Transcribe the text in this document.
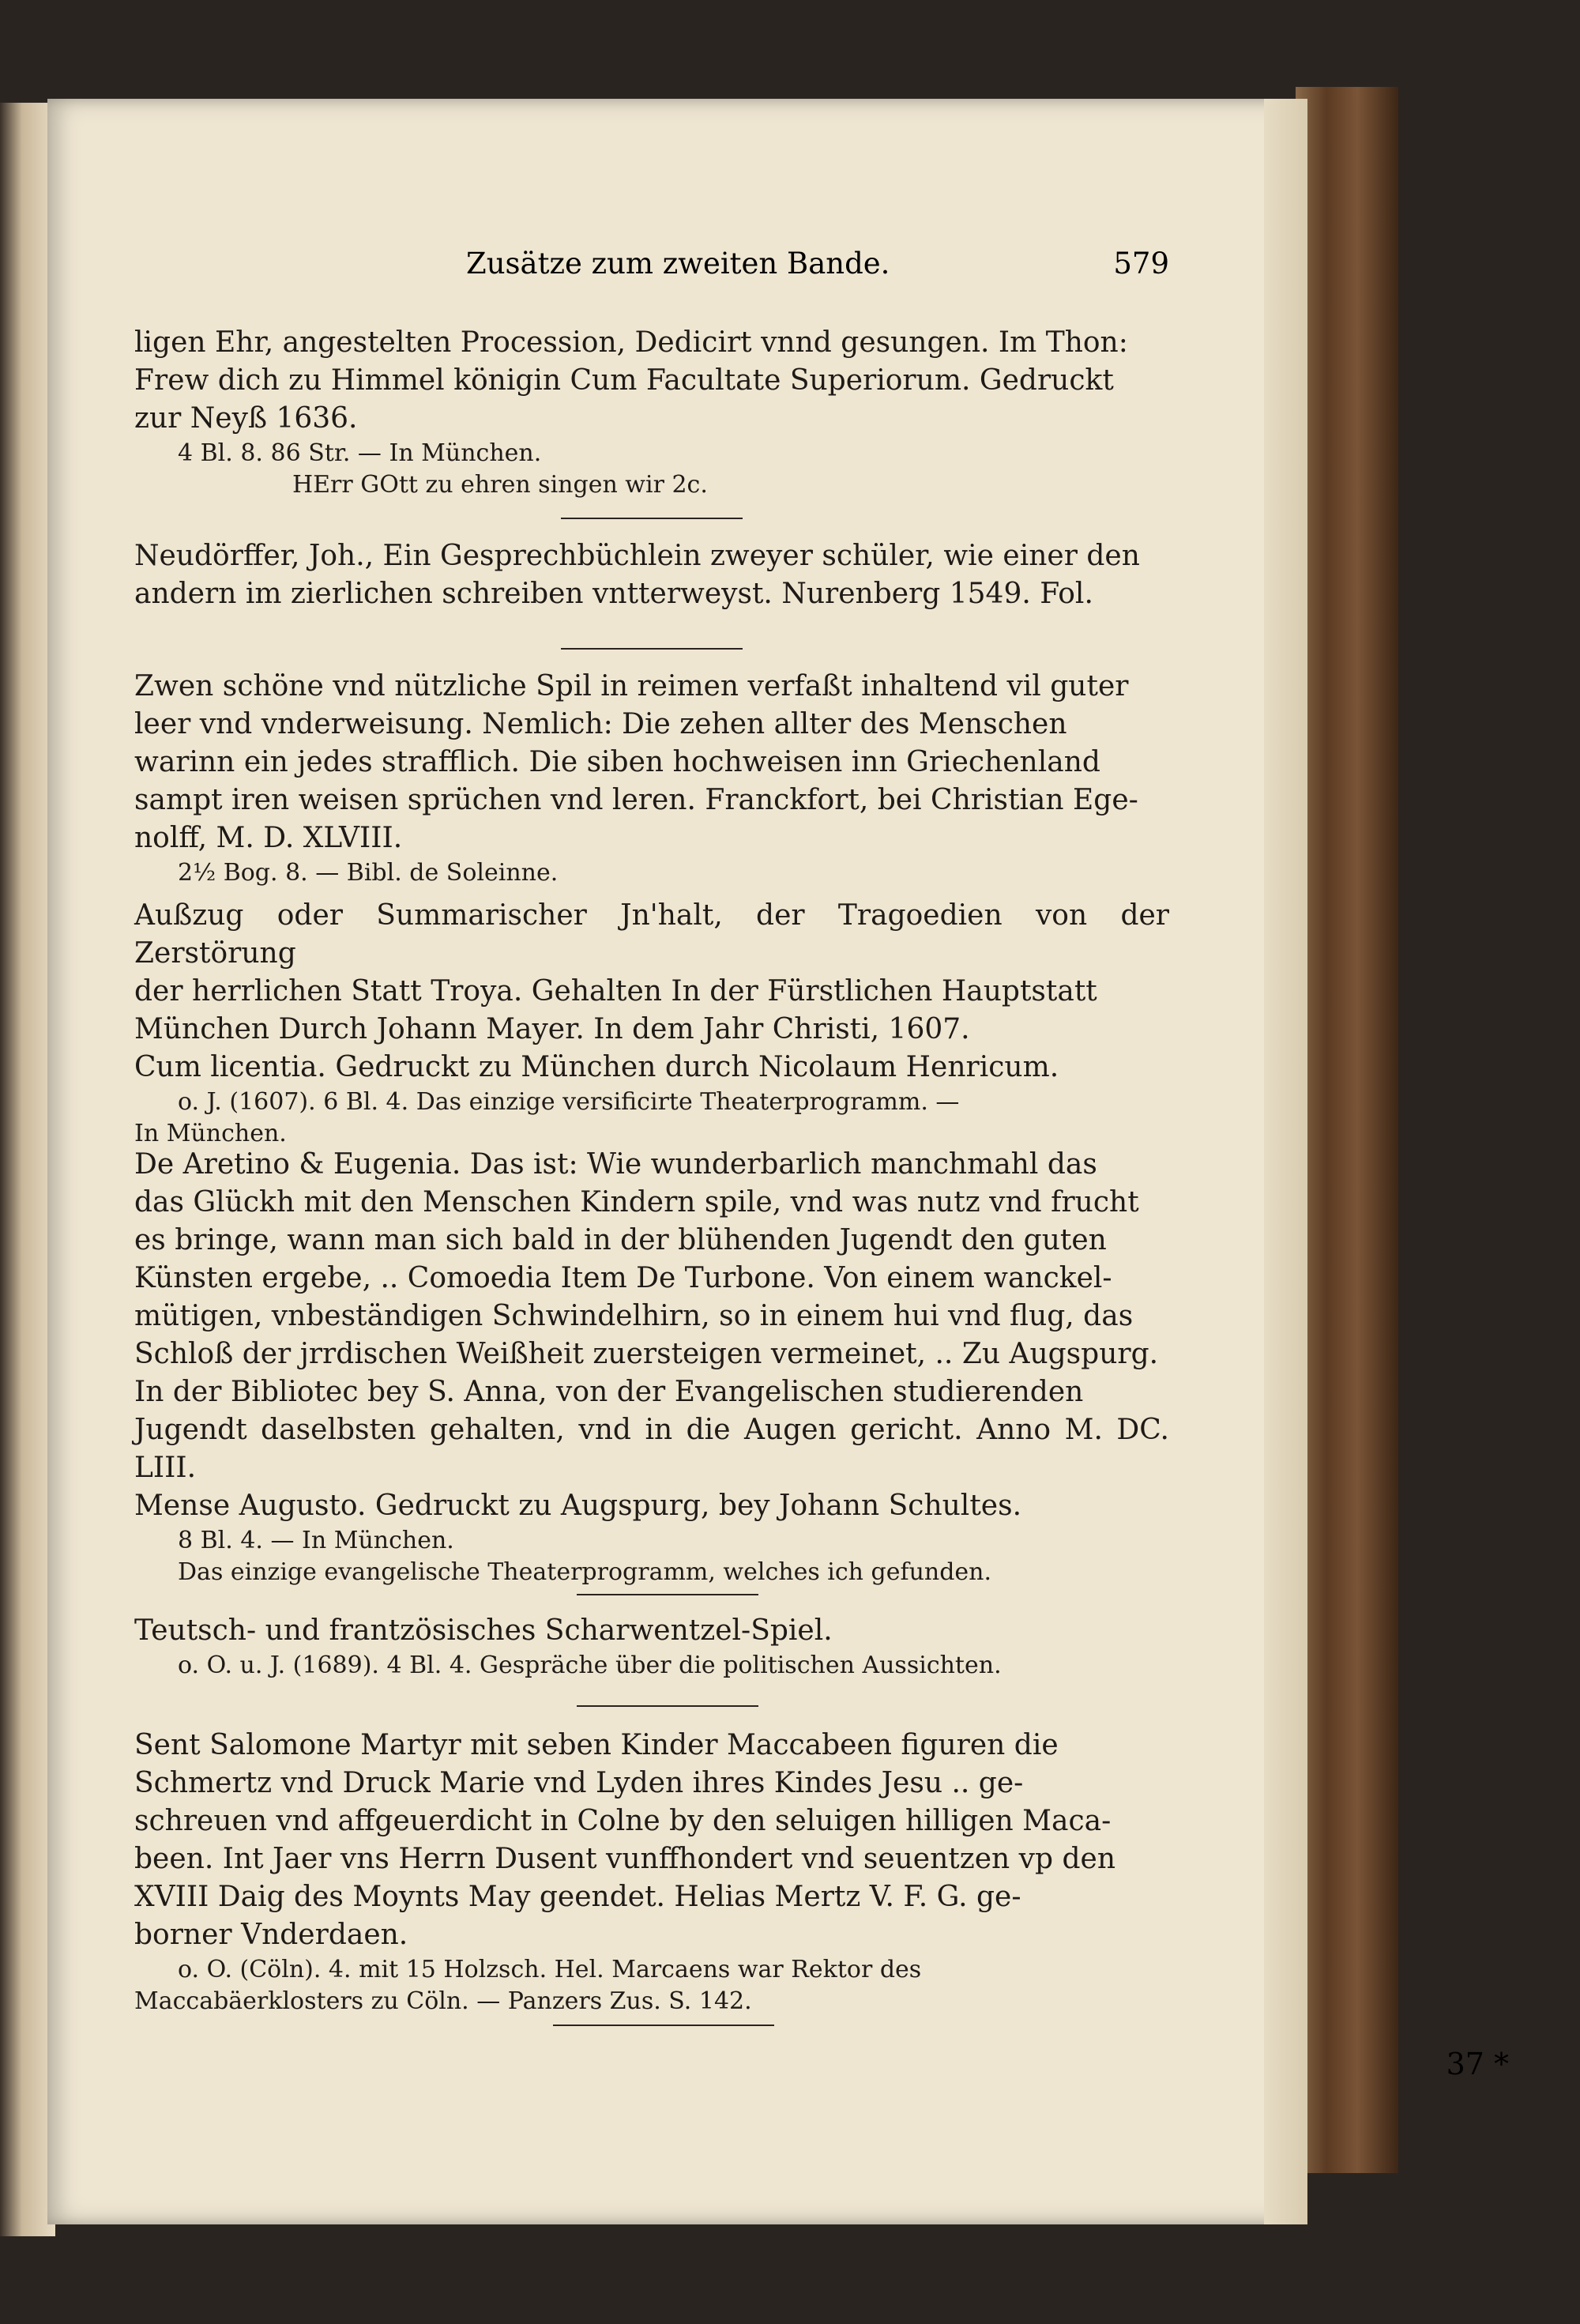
Zusätze zum zweiten Bande.	579

ligen Ehr, angestelten Procession, Dedicirt vnnd gesungen. Im Thon:

Frew dich zu Himmel königin Cum Facultate Superiorum. Gedruckt

zur Neyß 1636.

4 Bl. 8. 86 Str. — In München.

HErr GOtt zu ehren singen wir 2c.

Neudörffer, Joh., Ein Gesprechbüchlein zweyer schüler, wie einer den

andern im zierlichen schreiben vntterweyst. Nurenberg 1549. Fol.

Zwen schöne vnd nützliche Spil in reimen verfaßt inhaltend vil guter

leer vnd vnderweisung. Nemlich: Die zehen allter des Menschen

warinn ein jedes strafflich. Die siben hochweisen inn Griechenland

sampt iren weisen sprüchen vnd leren. Franckfort, bei Christian Ege-

nolff, M. D. XLVIII.

2½ Bog. 8. — Bibl. de Soleinne.

Außzug oder Summarischer Jn'halt, der Tragoedien von der Zerstörung

der herrlichen Statt Troya. Gehalten In der Fürstlichen Hauptstatt

München Durch Johann Mayer. In dem Jahr Christi, 1607.

Cum licentia. Gedruckt zu München durch Nicolaum Henricum.

o. J. (1607). 6 Bl. 4. Das einzige versificirte Theaterprogramm. —

In München.

De Aretino & Eugenia. Das ist: Wie wunderbarlich manchmahl das

das Glückh mit den Menschen Kindern spile, vnd was nutz vnd frucht

es bringe, wann man sich bald in der blühenden Jugendt den guten

Künsten ergebe, .. Comoedia Item De Turbone. Von einem wanckel-

mütigen, vnbeständigen Schwindelhirn, so in einem hui vnd flug, das

Schloß der jrrdischen Weißheit zuersteigen vermeinet, .. Zu Augspurg.

In der Bibliotec bey S. Anna, von der Evangelischen studierenden

Jugendt daselbsten gehalten, vnd in die Augen gericht. Anno M. DC. LIII.

Mense Augusto. Gedruckt zu Augspurg, bey Johann Schultes.

8 Bl. 4. — In München.

Das einzige evangelische Theaterprogramm, welches ich gefunden.

Teutsch- und frantzösisches Scharwentzel-Spiel.

o. O. u. J. (1689). 4 Bl. 4. Gespräche über die politischen Aussichten.

Sent Salomone Martyr mit seben Kinder Maccabeen figuren die

Schmertz vnd Druck Marie vnd Lyden ihres Kindes Jesu .. ge-

schreuen vnd affgeuerdicht in Colne by den seluigen hilligen Maca-

been. Int Jaer vns Herrn Dusent vunffhondert vnd seuentzen vp den

XVIII Daig des Moynts May geendet. Helias Mertz V. F. G. ge-

borner Vnderdaen.

o. O. (Cöln). 4. mit 15 Holzsch. Hel. Marcaens war Rektor des

Maccabäerklosters zu Cöln. — Panzers Zus. S. 142.

37 *
